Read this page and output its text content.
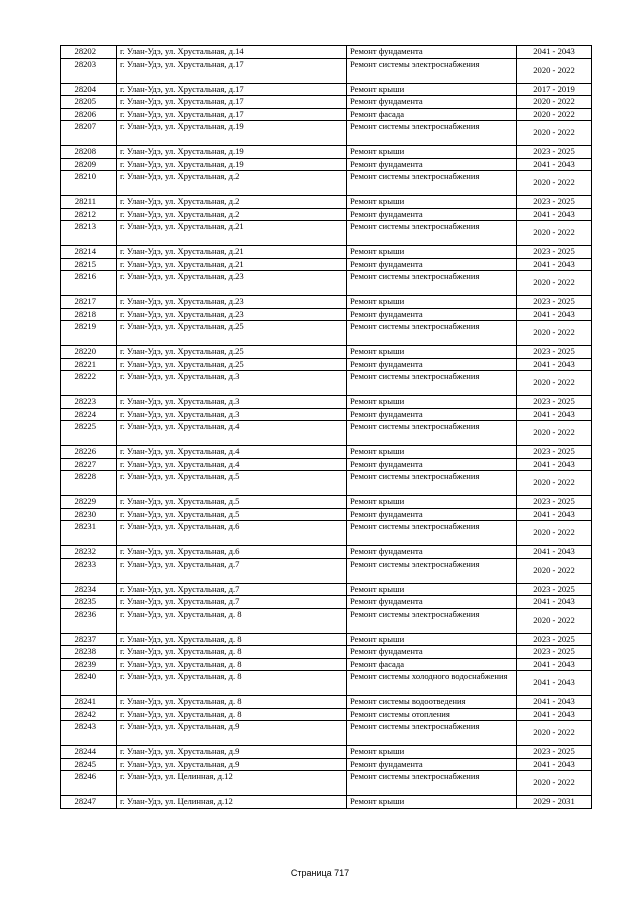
28202	г. Улан-Удэ, ул. Хрустальная, д.14	Ремонт фундамента	2041 - 2043
28203	г. Улан-Удэ, ул. Хрустальная, д.17	Ремонт системы электроснабжения	2020 - 2022
28204	г. Улан-Удэ, ул. Хрустальная, д.17	Ремонт крыши	2017 - 2019
28205	г. Улан-Удэ, ул. Хрустальная, д.17	Ремонт фундамента	2020 - 2022
28206	г. Улан-Удэ, ул. Хрустальная, д.17	Ремонт фасада	2020 - 2022
28207	г. Улан-Удэ, ул. Хрустальная, д.19	Ремонт системы электроснабжения	2020 - 2022
28208	г. Улан-Удэ, ул. Хрустальная, д.19	Ремонт крыши	2023 - 2025
28209	г. Улан-Удэ, ул. Хрустальная, д.19	Ремонт фундамента	2041 - 2043
28210	г. Улан-Удэ, ул. Хрустальная, д.2	Ремонт системы электроснабжения	2020 - 2022
28211	г. Улан-Удэ, ул. Хрустальная, д.2	Ремонт крыши	2023 - 2025
28212	г. Улан-Удэ, ул. Хрустальная, д.2	Ремонт фундамента	2041 - 2043
28213	г. Улан-Удэ, ул. Хрустальная, д.21	Ремонт системы электроснабжения	2020 - 2022
28214	г. Улан-Удэ, ул. Хрустальная, д.21	Ремонт крыши	2023 - 2025
28215	г. Улан-Удэ, ул. Хрустальная, д.21	Ремонт фундамента	2041 - 2043
28216	г. Улан-Удэ, ул. Хрустальная, д.23	Ремонт системы электроснабжения	2020 - 2022
28217	г. Улан-Удэ, ул. Хрустальная, д.23	Ремонт крыши	2023 - 2025
28218	г. Улан-Удэ, ул. Хрустальная, д.23	Ремонт фундамента	2041 - 2043
28219	г. Улан-Удэ, ул. Хрустальная, д.25	Ремонт системы электроснабжения	2020 - 2022
28220	г. Улан-Удэ, ул. Хрустальная, д.25	Ремонт крыши	2023 - 2025
28221	г. Улан-Удэ, ул. Хрустальная, д.25	Ремонт фундамента	2041 - 2043
28222	г. Улан-Удэ, ул. Хрустальная, д.3	Ремонт системы электроснабжения	2020 - 2022
28223	г. Улан-Удэ, ул. Хрустальная, д.3	Ремонт крыши	2023 - 2025
28224	г. Улан-Удэ, ул. Хрустальная, д.3	Ремонт фундамента	2041 - 2043
28225	г. Улан-Удэ, ул. Хрустальная, д.4	Ремонт системы электроснабжения	2020 - 2022
28226	г. Улан-Удэ, ул. Хрустальная, д.4	Ремонт крыши	2023 - 2025
28227	г. Улан-Удэ, ул. Хрустальная, д.4	Ремонт фундамента	2041 - 2043
28228	г. Улан-Удэ, ул. Хрустальная, д.5	Ремонт системы электроснабжения	2020 - 2022
28229	г. Улан-Удэ, ул. Хрустальная, д.5	Ремонт крыши	2023 - 2025
28230	г. Улан-Удэ, ул. Хрустальная, д.5	Ремонт фундамента	2041 - 2043
28231	г. Улан-Удэ, ул. Хрустальная, д.6	Ремонт системы электроснабжения	2020 - 2022
28232	г. Улан-Удэ, ул. Хрустальная, д.6	Ремонт фундамента	2041 - 2043
28233	г. Улан-Удэ, ул. Хрустальная, д.7	Ремонт системы электроснабжения	2020 - 2022
28234	г. Улан-Удэ, ул. Хрустальная, д.7	Ремонт крыши	2023 - 2025
28235	г. Улан-Удэ, ул. Хрустальная, д.7	Ремонт фундамента	2041 - 2043
28236	г. Улан-Удэ, ул. Хрустальная, д. 8	Ремонт системы электроснабжения	2020 - 2022
28237	г. Улан-Удэ, ул. Хрустальная, д. 8	Ремонт крыши	2023 - 2025
28238	г. Улан-Удэ, ул. Хрустальная, д. 8	Ремонт фундамента	2023 - 2025
28239	г. Улан-Удэ, ул. Хрустальная, д. 8	Ремонт фасада	2041 - 2043
28240	г. Улан-Удэ, ул. Хрустальная, д. 8	Ремонт системы холодного водоснабжения	2041 - 2043
28241	г. Улан-Удэ, ул. Хрустальная, д. 8	Ремонт системы водоотведения	2041 - 2043
28242	г. Улан-Удэ, ул. Хрустальная, д. 8	Ремонт системы отопления	2041 - 2043
28243	г. Улан-Удэ, ул. Хрустальная, д.9	Ремонт системы электроснабжения	2020 - 2022
28244	г. Улан-Удэ, ул. Хрустальная, д.9	Ремонт крыши	2023 - 2025
28245	г. Улан-Удэ, ул. Хрустальная, д.9	Ремонт фундамента	2041 - 2043
28246	г. Улан-Удэ, ул. Целинная, д.12	Ремонт системы электроснабжения	2020 - 2022
28247	г. Улан-Удэ, ул. Целинная, д.12	Ремонт крыши	2029 - 2031
Страница 717
